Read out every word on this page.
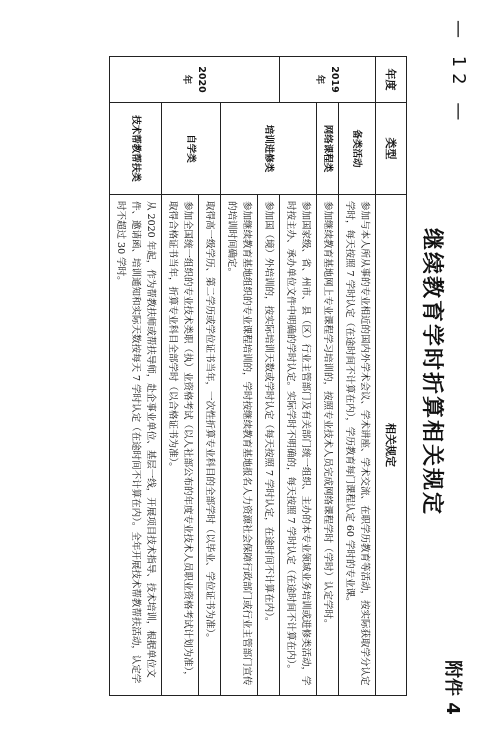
— 12 —
附件 4
继续教育学时折算相关规定
年度	类型	相关规定
2019 年	备类活动	参加与本人所从事的专业相近的国内外学术会议、学术讲座、学术交流、在职学历教育等活动，按实际获取学分认定学时，每天按照 7 学时认定（在途时间不计算在内），学历教育每门课程认定 60 学时的专业课。
	网络课程类	参加继续教育基地网上专业课程学习培训的，按照专业技术人员完成网络课程学时（学时）认定学时。
	培训进修类	参加国家级、省、州市、县（区）行业主管部门及有关部门统一组织、主办的本专业领域业务培训或进修类活动，学时按主办、承办单位文件中明确的学时认定。实际学时不明确的，每天按照 7 学时认定（在途时间不计算在内）。
2020 年		参加国（境）外培训的，按实际培训天数或学时认定（每天按照 7 学时认定，在途时间不计算在内）。
		参加继续教育基地组织的专业课程培训的，学时按继续教育基地报名人力资源社会保障行政部门或行业主管部门宣传的培训时间确定。
	自学类	取得高一级学历、第二学历或学位证书当年，一次性折算专业科目的全部学时（以毕业、学位证书为准）。
		参加全国统一组织的专业技术类职（执）业资格考试（以人社部公布的年度专业技术人员职业资格考试计划为准），取得合格证书当年，折算专业科目全部学时（以合格证书为准）。
	技术帮教帮扶类	从 2020 年起，作为帮教扶师或帮扶导师，赴企事业单位、基层一线，开展项目技术指导、技术培训，根据单位文件、邀请函、培训通知和实际天数按每天 7 学时认定（在途时间不计算在内）。全年开展技术帮教帮扶活动，认定学时不超过 30 学时。
